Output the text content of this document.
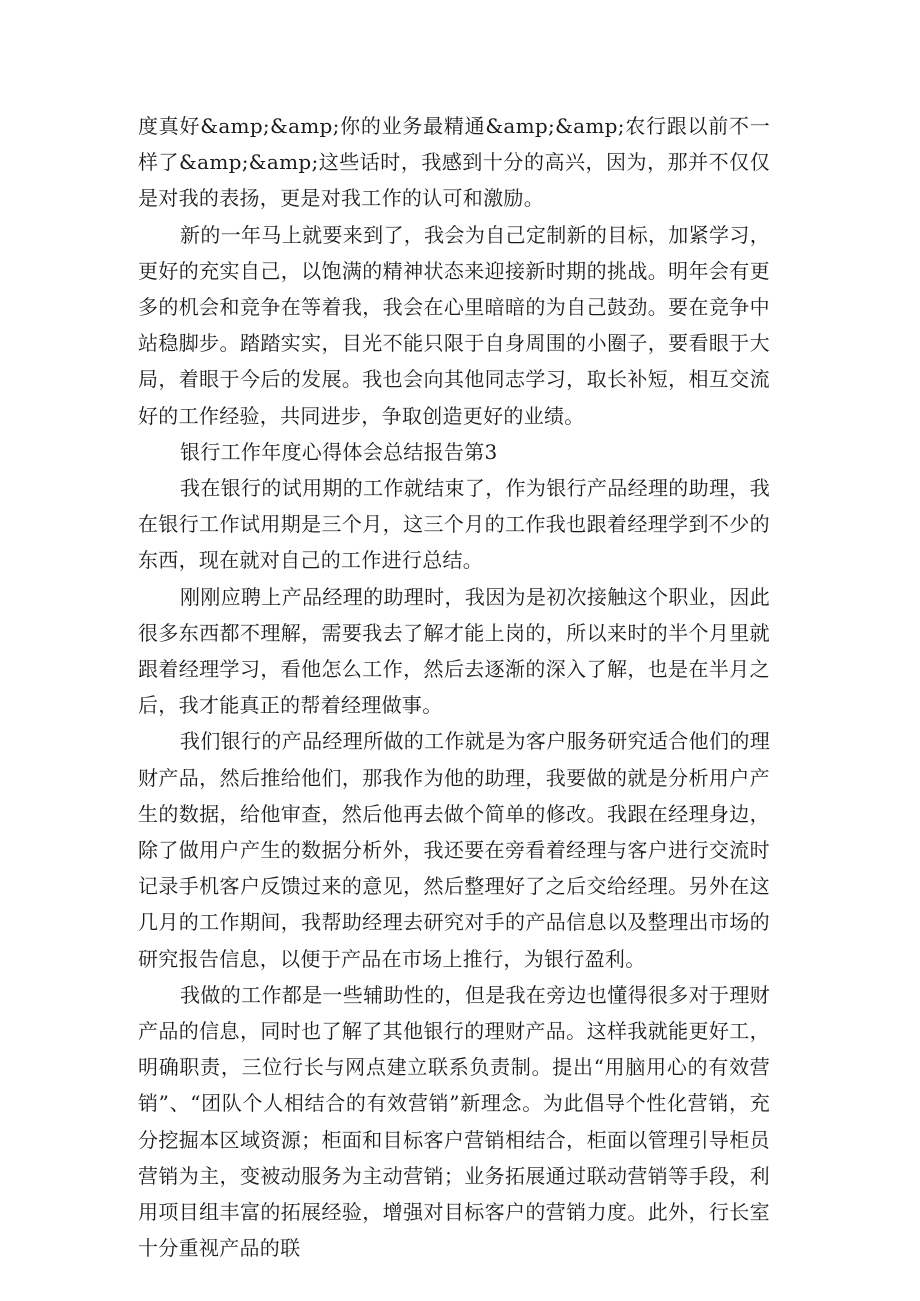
度真好&amp;&amp;你的业务最精通&amp;&amp;农行跟以前不一样了&amp;&amp;这些话时，我感到十分的高兴，因为，那并不仅仅是对我的表扬，更是对我工作的认可和激励。

新的一年马上就要来到了，我会为自己定制新的目标，加紧学习，更好的充实自己，以饱满的精神状态来迎接新时期的挑战。明年会有更多的机会和竞争在等着我，我会在心里暗暗的为自己鼓劲。要在竞争中站稳脚步。踏踏实实，目光不能只限于自身周围的小圈子，要看眼于大局，着眼于今后的发展。我也会向其他同志学习，取长补短，相互交流好的工作经验，共同进步，争取创造更好的业绩。

银行工作年度心得体会总结报告第3

我在银行的试用期的工作就结束了，作为银行产品经理的助理，我在银行工作试用期是三个月，这三个月的工作我也跟着经理学到不少的东西，现在就对自己的工作进行总结。

刚刚应聘上产品经理的助理时，我因为是初次接触这个职业，因此很多东西都不理解，需要我去了解才能上岗的，所以来时的半个月里就跟着经理学习，看他怎么工作，然后去逐渐的深入了解，也是在半月之后，我才能真正的帮着经理做事。

我们银行的产品经理所做的工作就是为客户服务研究适合他们的理财产品，然后推给他们，那我作为他的助理，我要做的就是分析用户产生的数据，给他审查，然后他再去做个简单的修改。我跟在经理身边，除了做用户产生的数据分析外，我还要在旁看着经理与客户进行交流时记录手机客户反馈过来的意见，然后整理好了之后交给经理。另外在这几月的工作期间，我帮助经理去研究对手的产品信息以及整理出市场的研究报告信息，以便于产品在市场上推行，为银行盈利。

我做的工作都是一些辅助性的，但是我在旁边也懂得很多对于理财产品的信息，同时也了解了其他银行的理财产品。这样我就能更好工，明确职责，三位行长与网点建立联系负责制。提出“用脑用心的有效营销”、“团队个人相结合的有效营销”新理念。为此倡导个性化营销，充分挖掘本区域资源；柜面和目标客户营销相结合，柜面以管理引导柜员营销为主，变被动服务为主动营销；业务拓展通过联动营销等手段，利用项目组丰富的拓展经验，增强对目标客户的营销力度。此外，行长室十分重视产品的联
